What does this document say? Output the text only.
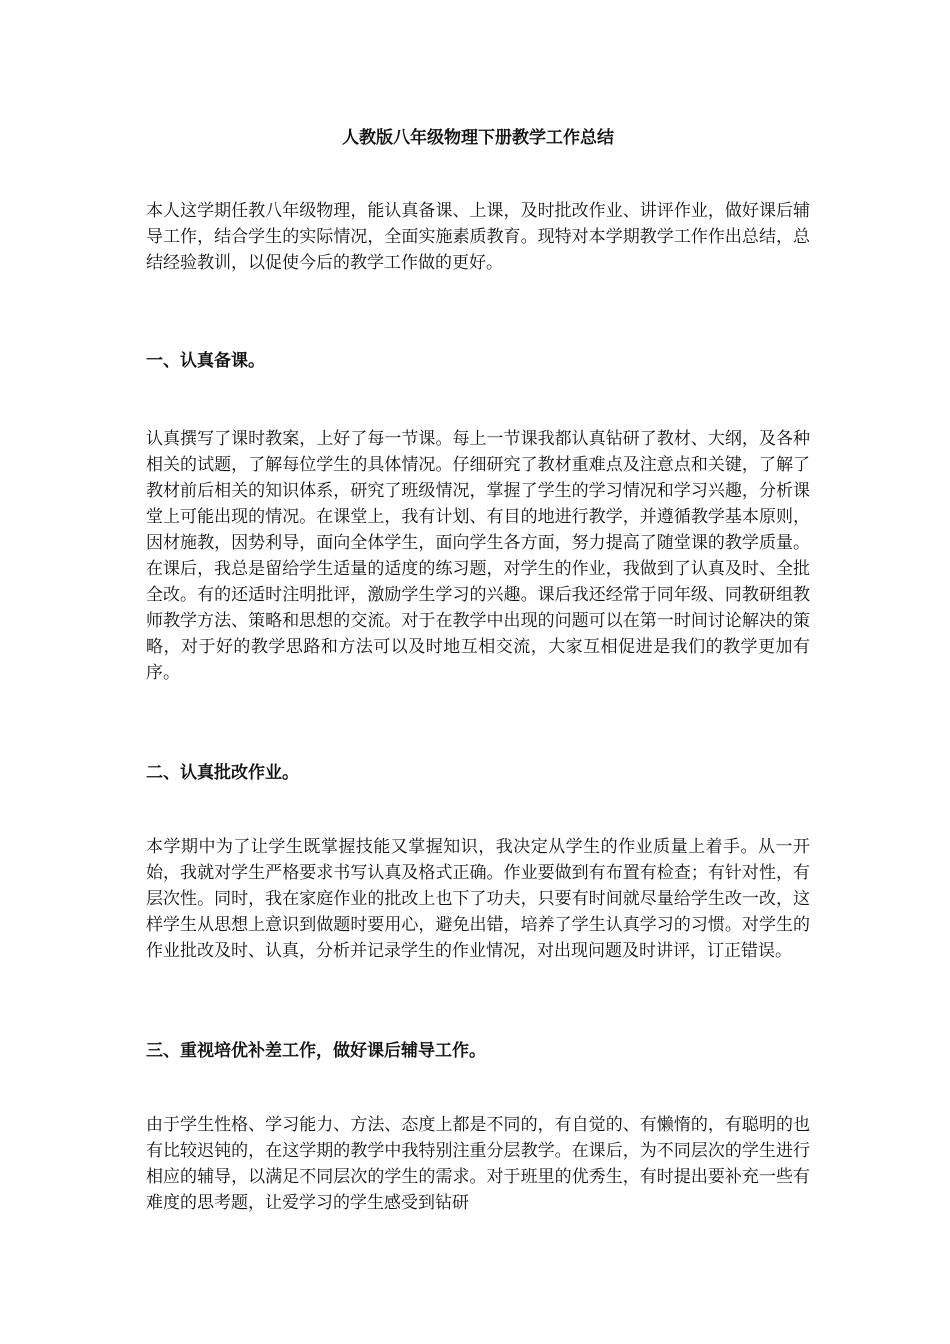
人教版八年级物理下册教学工作总结

本人这学期任教八年级物理，能认真备课、上课，及时批改作业、讲评作业，做好课后辅导工作，结合学生的实际情况，全面实施素质教育。现特对本学期教学工作作出总结，总结经验教训，以促使今后的教学工作做的更好。

一、认真备课。

认真撰写了课时教案，上好了每一节课。每上一节课我都认真钻研了教材、大纲，及各种相关的试题，了解每位学生的具体情况。仔细研究了教材重难点及注意点和关键，了解了教材前后相关的知识体系，研究了班级情况，掌握了学生的学习情况和学习兴趣，分析课堂上可能出现的情况。在课堂上，我有计划、有目的地进行教学，并遵循教学基本原则，因材施教，因势利导，面向全体学生，面向学生各方面，努力提高了随堂课的教学质量。在课后，我总是留给学生适量的适度的练习题，对学生的作业，我做到了认真及时、全批全改。有的还适时注明批评，激励学生学习的兴趣。课后我还经常于同年级、同教研组教师教学方法、策略和思想的交流。对于在教学中出现的问题可以在第一时间讨论解决的策略，对于好的教学思路和方法可以及时地互相交流，大家互相促进是我们的教学更加有序。

二、认真批改作业。

本学期中为了让学生既掌握技能又掌握知识，我决定从学生的作业质量上着手。从一开始，我就对学生严格要求书写认真及格式正确。作业要做到有布置有检查；有针对性，有层次性。同时，我在家庭作业的批改上也下了功夫，只要有时间就尽量给学生改一改，这样学生从思想上意识到做题时要用心，避免出错，培养了学生认真学习的习惯。对学生的作业批改及时、认真，分析并记录学生的作业情况，对出现问题及时讲评，订正错误。

三、重视培优补差工作，做好课后辅导工作。

由于学生性格、学习能力、方法、态度上都是不同的，有自觉的、有懒惰的，有聪明的也有比较迟钝的，在这学期的教学中我特别注重分层教学。在课后，为不同层次的学生进行相应的辅导，以满足不同层次的学生的需求。对于班里的优秀生，有时提出要补充一些有难度的思考题，让爱学习的学生感受到钻研
